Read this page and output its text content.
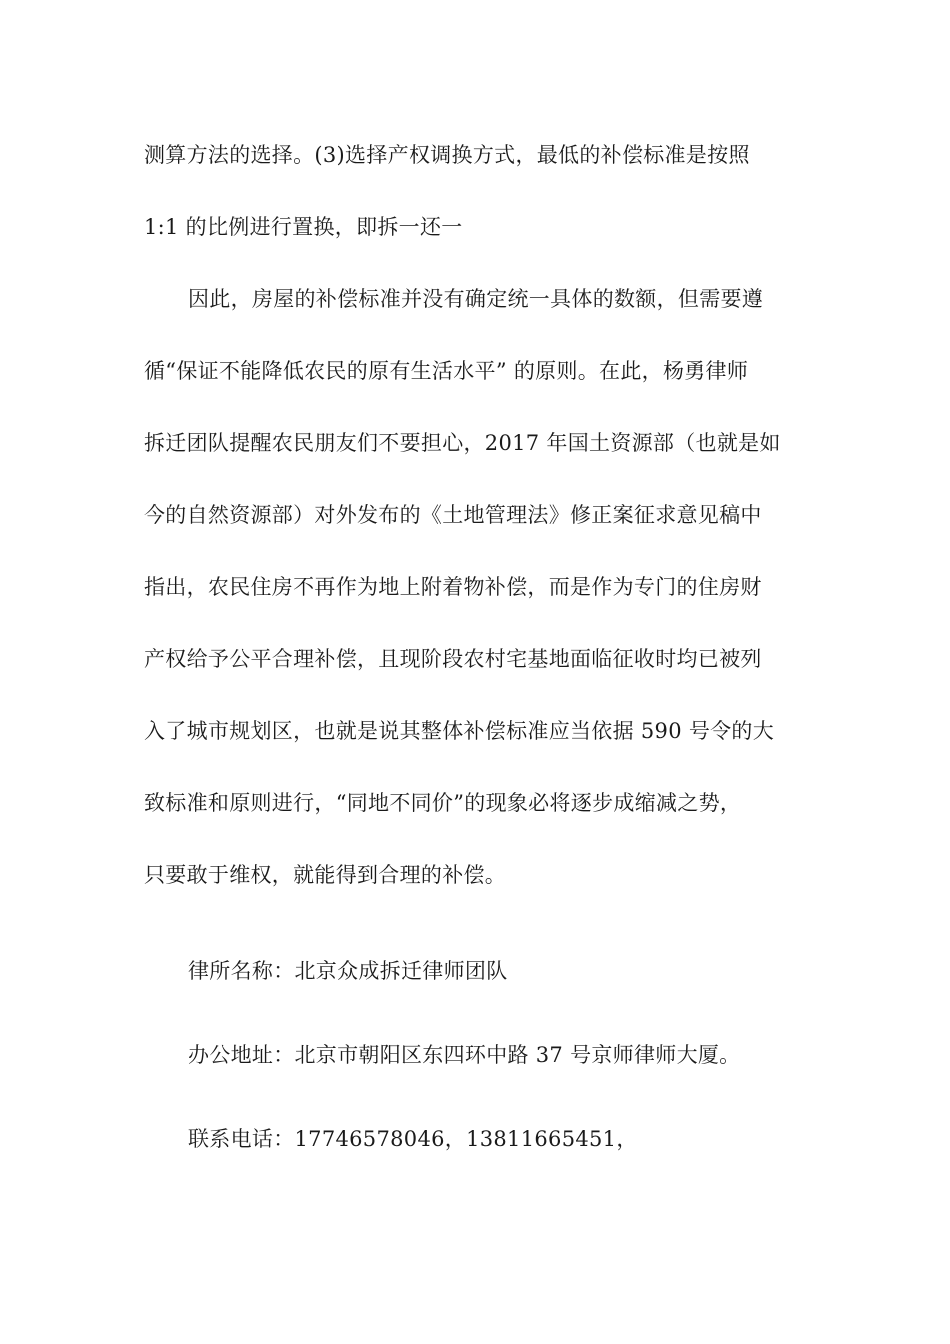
测算方法的选择。(3)选择产权调换方式，最低的补偿标准是按照
1:1 的比例进行置换，即拆一还一
因此，房屋的补偿标准并没有确定统一具体的数额，但需要遵
循“保证不能降低农民的原有生活水平” 的原则。在此，杨勇律师
拆迁团队提醒农民朋友们不要担心，2017 年国土资源部（也就是如
今的自然资源部）对外发布的《土地管理法》修正案征求意见稿中
指出，农民住房不再作为地上附着物补偿，而是作为专门的住房财
产权给予公平合理补偿，且现阶段农村宅基地面临征收时均已被列
入了城市规划区，也就是说其整体补偿标准应当依据 590 号令的大
致标准和原则进行，“同地不同价”的现象必将逐步成缩减之势，
只要敢于维权，就能得到合理的补偿。
律所名称：北京众成拆迁律师团队
办公地址：北京市朝阳区东四环中路 37 号京师律师大厦。
联系电话：17746578046，13811665451，
